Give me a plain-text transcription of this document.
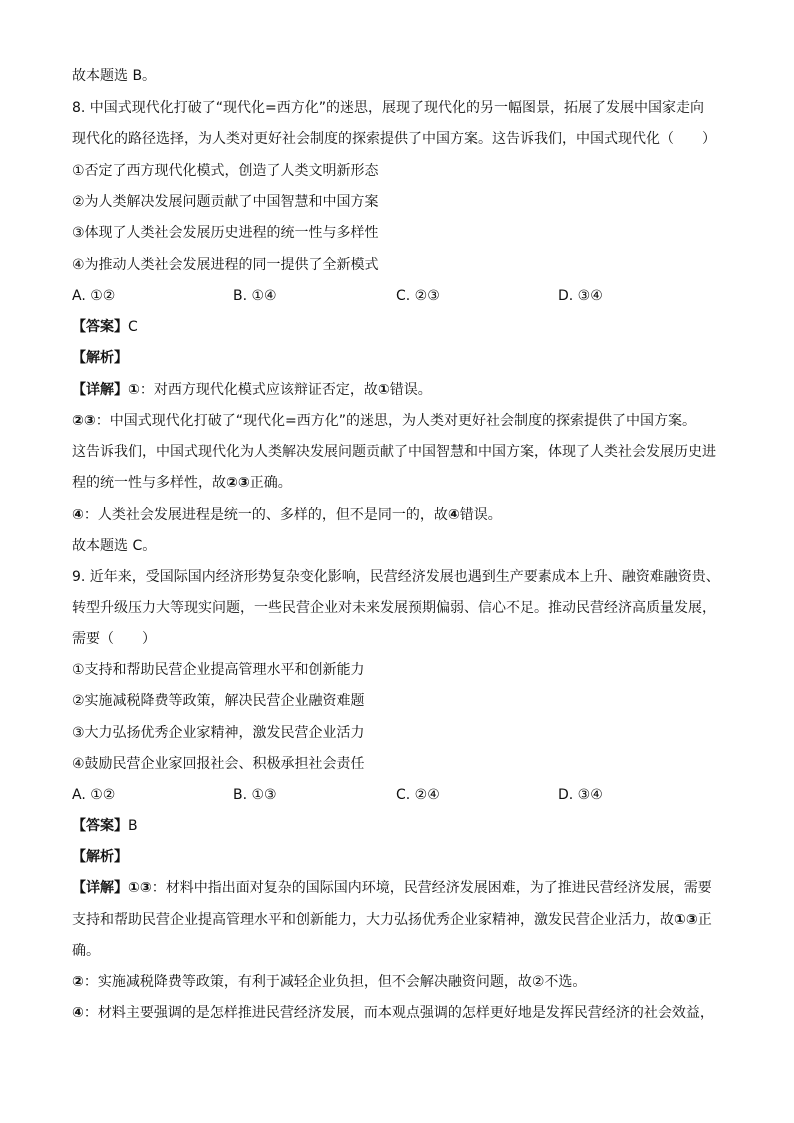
故本题选 B。
8. 中国式现代化打破了“现代化=西方化”的迷思，展现了现代化的另一幅图景，拓展了发展中国家走向
现代化的路径选择，为人类对更好社会制度的探索提供了中国方案。这告诉我们，中国式现代化（　　）
①否定了西方现代化模式，创造了人类文明新形态
②为人类解决发展问题贡献了中国智慧和中国方案
③体现了人类社会发展历史进程的统一性与多样性
④为推动人类社会发展进程的同一提供了全新模式
A. ①②	B. ①④	C. ②③	D. ③④
【答案】C
【解析】
【详解】①：对西方现代化模式应该辩证否定，故①错误。
②③：中国式现代化打破了“现代化=西方化”的迷思，为人类对更好社会制度的探索提供了中国方案。
这告诉我们，中国式现代化为人类解决发展问题贡献了中国智慧和中国方案，体现了人类社会发展历史进
程的统一性与多样性，故②③正确。
④：人类社会发展进程是统一的、多样的，但不是同一的，故④错误。
故本题选 C。
9. 近年来，受国际国内经济形势复杂变化影响，民营经济发展也遇到生产要素成本上升、融资难融资贵、
转型升级压力大等现实问题，一些民营企业对未来发展预期偏弱、信心不足。推动民营经济高质量发展，
需要（　　）
①支持和帮助民营企业提高管理水平和创新能力
②实施减税降费等政策，解决民营企业融资难题
③大力弘扬优秀企业家精神，激发民营企业活力
④鼓励民营企业家回报社会、积极承担社会责任
A. ①②	B. ①③	C. ②④	D. ③④
【答案】B
【解析】
【详解】①③：材料中指出面对复杂的国际国内环境，民营经济发展困难，为了推进民营经济发展，需要
支持和帮助民营企业提高管理水平和创新能力，大力弘扬优秀企业家精神，激发民营企业活力，故①③正
确。
②：实施减税降费等政策，有利于减轻企业负担，但不会解决融资问题，故②不选。
④：材料主要强调的是怎样推进民营经济发展，而本观点强调的怎样更好地是发挥民营经济的社会效益，
